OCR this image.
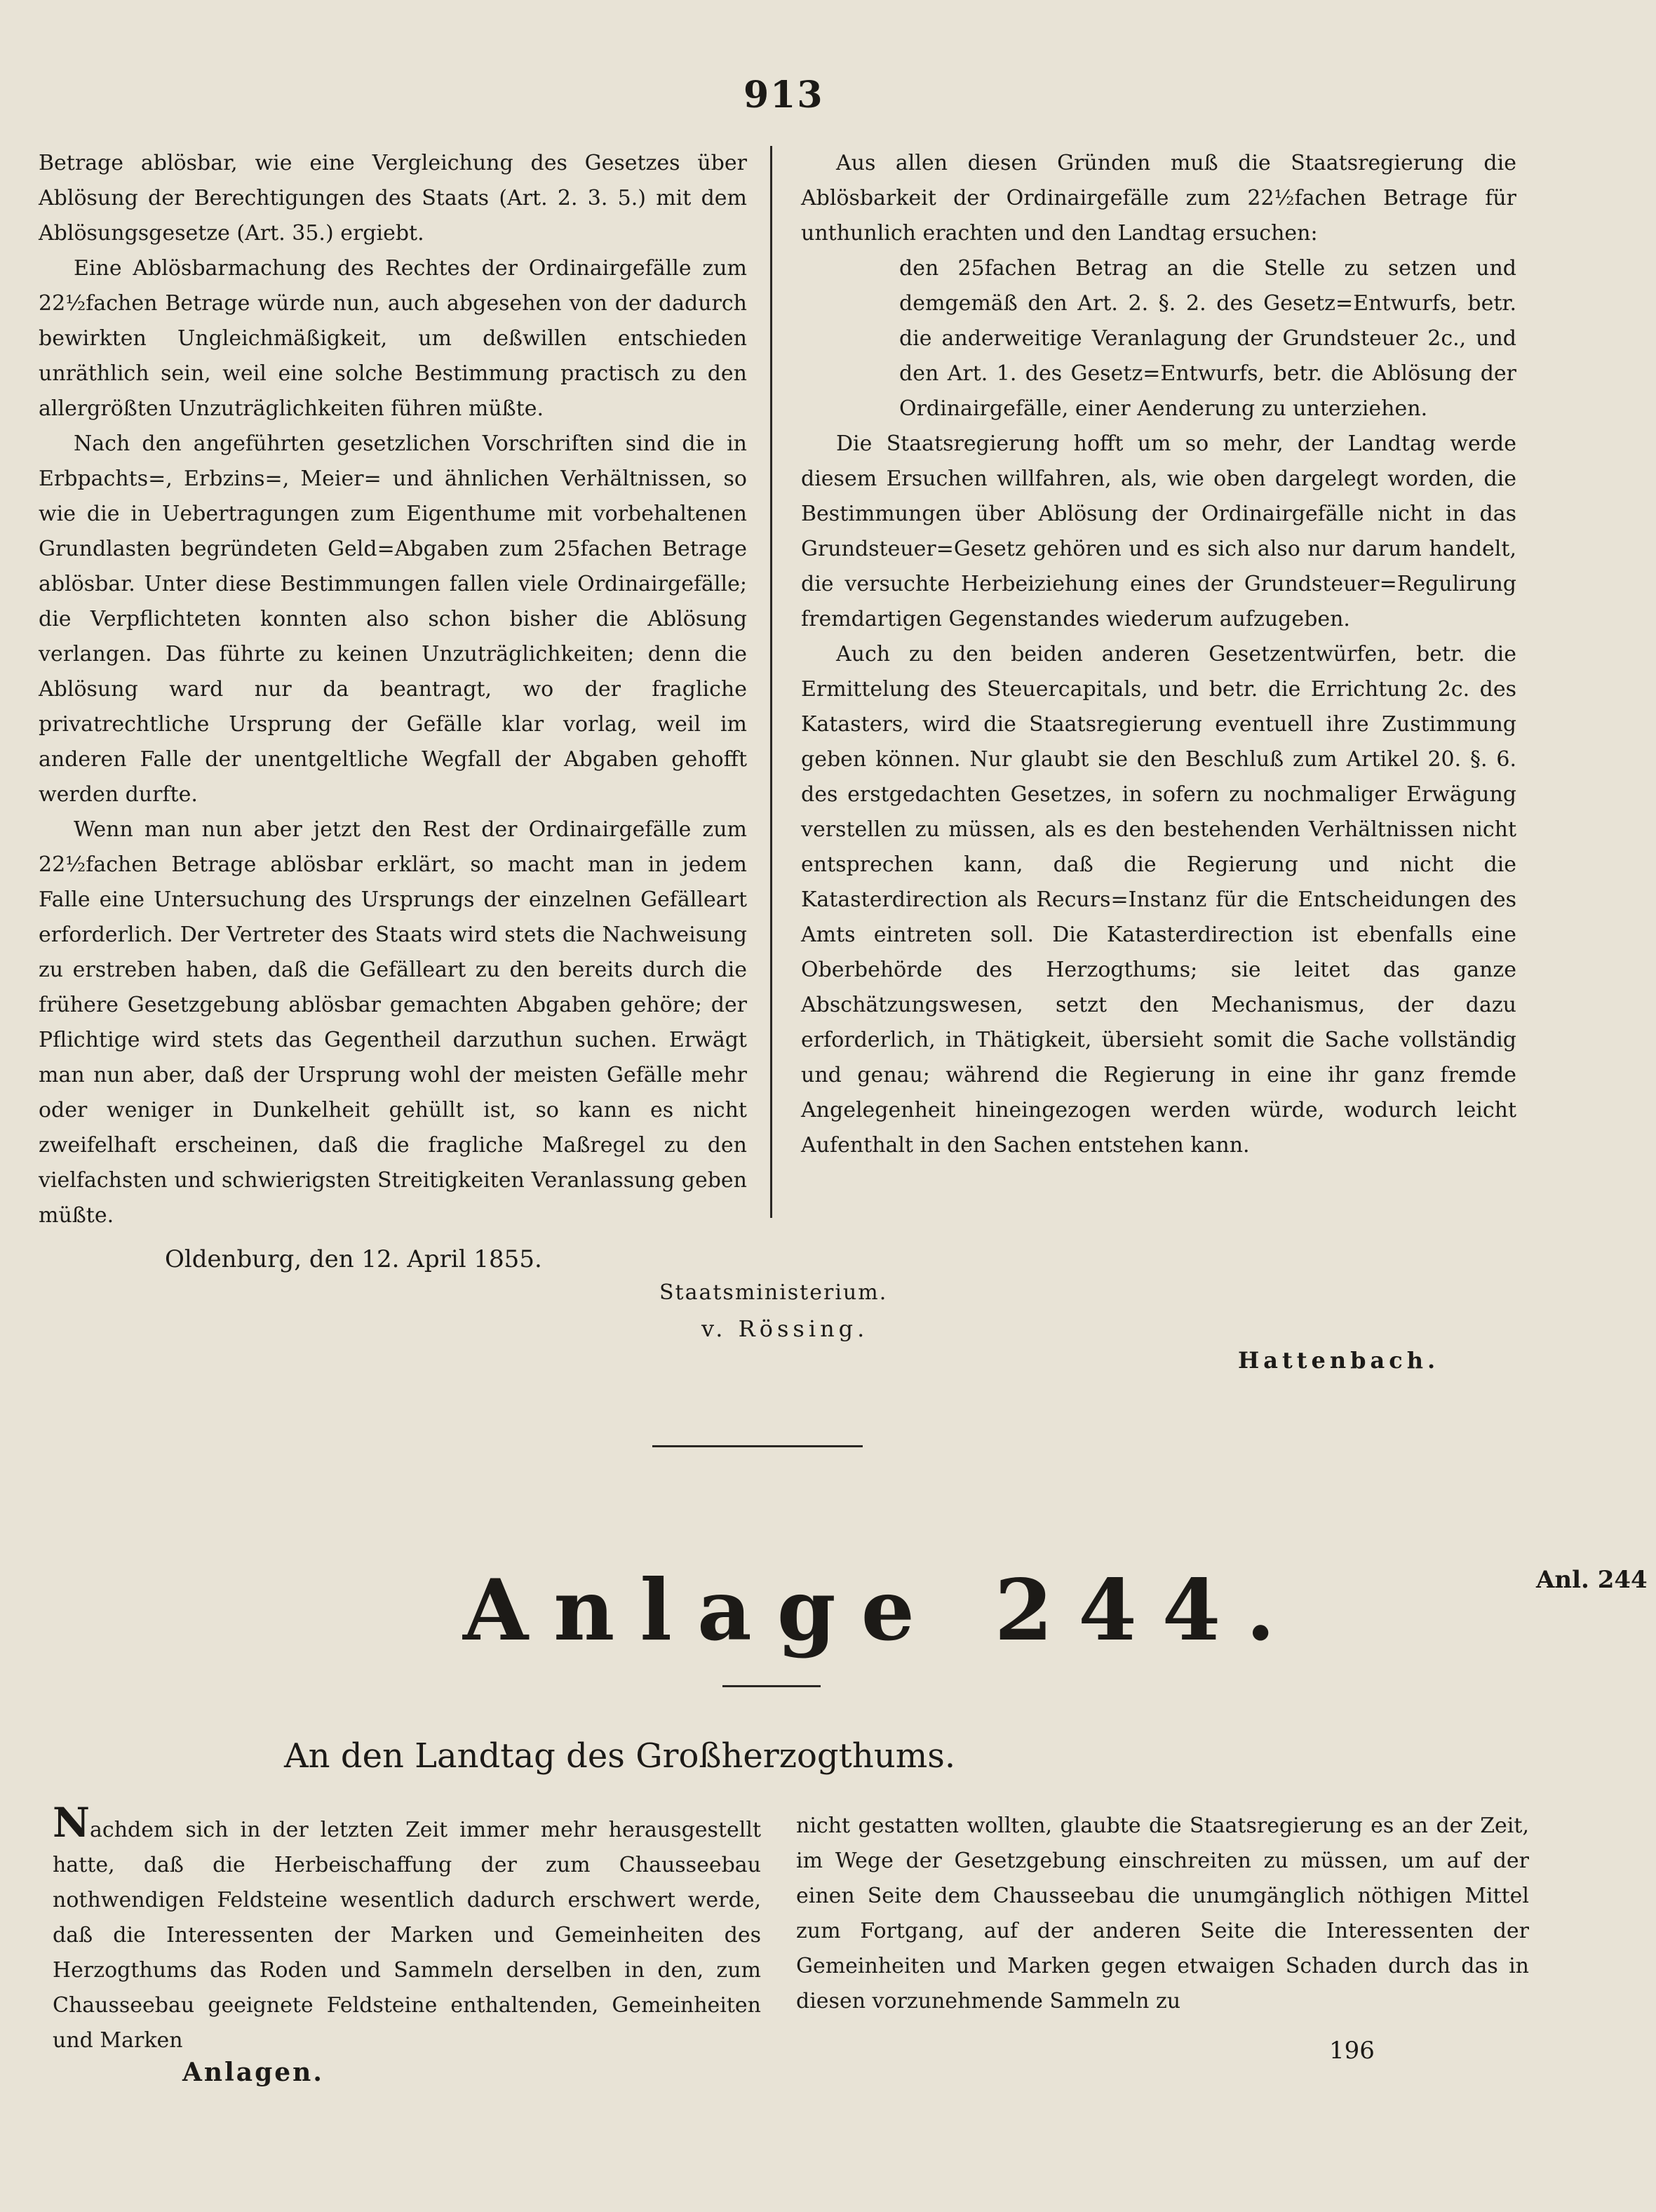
913

Betrage ablösbar, wie eine Vergleichung des Gesetzes über Ablösung der Berechtigungen des Staats (Art. 2. 3. 5.) mit dem Ablösungsgesetze (Art. 35.) ergiebt.

Eine Ablösbarmachung des Rechtes der Ordinairgefälle zum 22½fachen Betrage würde nun, auch abgesehen von der dadurch bewirkten Ungleichmäßigkeit, um deßwillen entschieden unräthlich sein, weil eine solche Bestimmung practisch zu den allergrößten Unzuträglichkeiten führen müßte.

Nach den angeführten gesetzlichen Vorschriften sind die in Erbpachts=, Erbzins=, Meier= und ähnlichen Verhältnissen, so wie die in Uebertragungen zum Eigenthume mit vorbehaltenen Grundlasten begründeten Geld=Abgaben zum 25fachen Betrage ablösbar. Unter diese Bestimmungen fallen viele Ordinairgefälle; die Verpflichteten konnten also schon bisher die Ablösung verlangen. Das führte zu keinen Unzuträglichkeiten; denn die Ablösung ward nur da beantragt, wo der fragliche privatrechtliche Ursprung der Gefälle klar vorlag, weil im anderen Falle der unentgeltliche Wegfall der Abgaben gehofft werden durfte.

Wenn man nun aber jetzt den Rest der Ordinairgefälle zum 22½fachen Betrage ablösbar erklärt, so macht man in jedem Falle eine Untersuchung des Ursprungs der einzelnen Gefälleart erforderlich. Der Vertreter des Staats wird stets die Nachweisung zu erstreben haben, daß die Gefälleart zu den bereits durch die frühere Gesetzgebung ablösbar gemachten Abgaben gehöre; der Pflichtige wird stets das Gegentheil darzuthun suchen. Erwägt man nun aber, daß der Ursprung wohl der meisten Gefälle mehr oder weniger in Dunkelheit gehüllt ist, so kann es nicht zweifelhaft erscheinen, daß die fragliche Maßregel zu den vielfachsten und schwierigsten Streitigkeiten Veranlassung geben müßte.

Aus allen diesen Gründen muß die Staatsregierung die Ablösbarkeit der Ordinairgefälle zum 22½fachen Betrage für unthunlich erachten und den Landtag ersuchen:

den 25fachen Betrag an die Stelle zu setzen und demgemäß den Art. 2. §. 2. des Gesetz=Entwurfs, betr. die anderweitige Veranlagung der Grundsteuer 2c., und den Art. 1. des Gesetz=Entwurfs, betr. die Ablösung der Ordinairgefälle, einer Aenderung zu unterziehen.

Die Staatsregierung hofft um so mehr, der Landtag werde diesem Ersuchen willfahren, als, wie oben dargelegt worden, die Bestimmungen über Ablösung der Ordinairgefälle nicht in das Grundsteuer=Gesetz gehören und es sich also nur darum handelt, die versuchte Herbeiziehung eines der Grundsteuer=Regulirung fremdartigen Gegenstandes wiederum aufzugeben.

Auch zu den beiden anderen Gesetzentwürfen, betr. die Ermittelung des Steuercapitals, und betr. die Errichtung 2c. des Katasters, wird die Staatsregierung eventuell ihre Zustimmung geben können. Nur glaubt sie den Beschluß zum Artikel 20. §. 6. des erstgedachten Gesetzes, in sofern zu nochmaliger Erwägung verstellen zu müssen, als es den bestehenden Verhältnissen nicht entsprechen kann, daß die Regierung und nicht die Katasterdirection als Recurs=Instanz für die Entscheidungen des Amts eintreten soll. Die Katasterdirection ist ebenfalls eine Oberbehörde des Herzogthums; sie leitet das ganze Abschätzungswesen, setzt den Mechanismus, der dazu erforderlich, in Thätigkeit, übersieht somit die Sache vollständig und genau; während die Regierung in eine ihr ganz fremde Angelegenheit hineingezogen werden würde, wodurch leicht Aufenthalt in den Sachen entstehen kann.

Oldenburg, den 12. April 1855.
Staatsministerium.
v. Rössing.
Hattenbach.
Anlage 244.	Anl. 244
An den Landtag des Großherzogthums.

Nachdem sich in der letzten Zeit immer mehr herausgestellt hatte, daß die Herbeischaffung der zum Chausseebau nothwendigen Feldsteine wesentlich dadurch erschwert werde, daß die Interessenten der Marken und Gemeinheiten des Herzogthums das Roden und Sammeln derselben in den, zum Chausseebau geeignete Feldsteine enthaltenden, Gemeinheiten und Marken

nicht gestatten wollten, glaubte die Staatsregierung es an der Zeit, im Wege der Gesetzgebung einschreiten zu müssen, um auf der einen Seite dem Chausseebau die unumgänglich nöthigen Mittel zum Fortgang, auf der anderen Seite die Interessenten der Gemeinheiten und Marken gegen etwaigen Schaden durch das in diesen vorzunehmende Sammeln zu

Anlagen.
196
